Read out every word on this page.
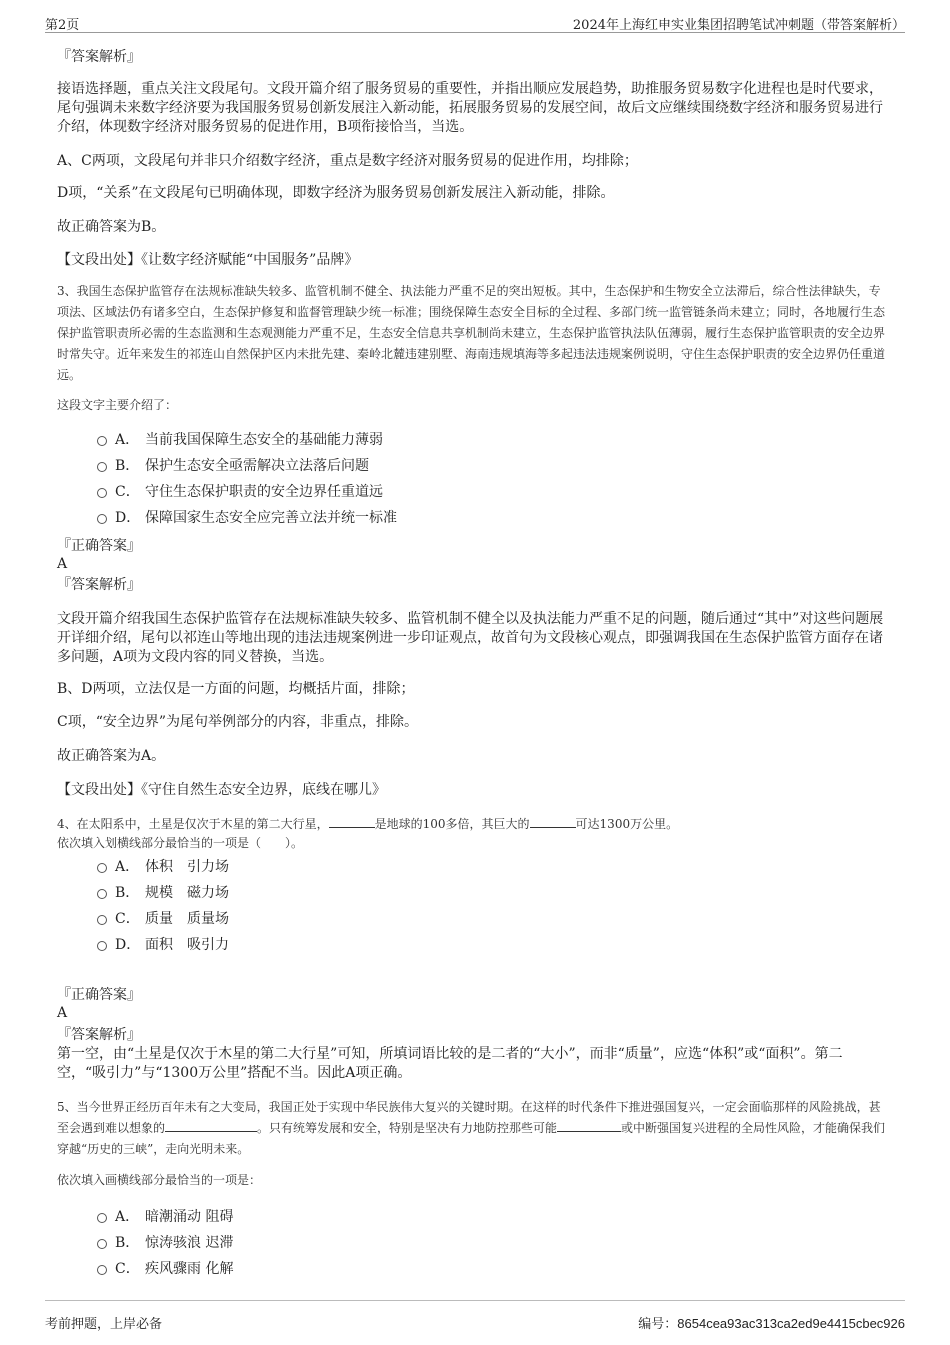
第2页	2024年上海红申实业集团招聘笔试冲刺题（带答案解析）
『答案解析』
接语选择题，重点关注文段尾句。文段开篇介绍了服务贸易的重要性，并指出顺应发展趋势，助推服务贸易数字化进程也是时代要求，尾句强调未来数字经济要为我国服务贸易创新发展注入新动能，拓展服务贸易的发展空间，故后文应继续围绕数字经济和服务贸易进行介绍，体现数字经济对服务贸易的促进作用，B项衔接恰当，当选。
A、C两项，文段尾句并非只介绍数字经济，重点是数字经济对服务贸易的促进作用，均排除；
D项，“关系”在文段尾句已明确体现，即数字经济为服务贸易创新发展注入新动能，排除。
故正确答案为B。
【文段出处】《让数字经济赋能“中国服务”品牌》
3、我国生态保护监管存在法规标准缺失较多、监管机制不健全、执法能力严重不足的突出短板。其中，生态保护和生物安全立法滞后，综合性法律缺失，专项法、区域法仍有诸多空白，生态保护修复和监督管理缺少统一标准；围绕保障生态安全目标的全过程、多部门统一监管链条尚未建立；同时，各地履行生态保护监管职责所必需的生态监测和生态观测能力严重不足，生态安全信息共享机制尚未建立，生态保护监管执法队伍薄弱，履行生态保护监管职责的安全边界时常失守。近年来发生的祁连山自然保护区内未批先建、秦岭北麓违建别墅、海南违规填海等多起违法违规案例说明，守住生态保护职责的安全边界仍任重道远。
这段文字主要介绍了：
A． 当前我国保障生态安全的基础能力薄弱
B． 保护生态安全亟需解决立法落后问题
C． 守住生态保护职责的安全边界任重道远
D． 保障国家生态安全应完善立法并统一标准
『正确答案』
A
『答案解析』
文段开篇介绍我国生态保护监管存在法规标准缺失较多、监管机制不健全以及执法能力严重不足的问题，随后通过“其中”对这些问题展开详细介绍，尾句以祁连山等地出现的违法违规案例进一步印证观点，故首句为文段核心观点，即强调我国在生态保护监管方面存在诸多问题，A项为文段内容的同义替换，当选。
B、D两项，立法仅是一方面的问题，均概括片面，排除；
C项，“安全边界”为尾句举例部分的内容，非重点，排除。
故正确答案为A。
【文段出处】《守住自然生态安全边界，底线在哪儿》
4、在太阳系中，土星是仅次于木星的第二大行星，	是地球的100多倍，其巨大的	可达1300万公里。
依次填入划横线部分最恰当的一项是（　　）。
A． 体积　引力场
B． 规模　磁力场
C． 质量　质量场
D． 面积　吸引力
『正确答案』
A
『答案解析』
第一空，由“土星是仅次于木星的第二大行星”可知，所填词语比较的是二者的“大小”，而非“质量”，应选“体积”或“面积”。第二空，“吸引力”与“1300万公里”搭配不当。因此A项正确。
5、当今世界正经历百年未有之大变局，我国正处于实现中华民族伟大复兴的关键时期。在这样的时代条件下推进强国复兴，一定会面临那样的风险挑战，甚至会遇到难以想象的	。只有统筹发展和安全，特别是坚决有力地防控那些可能	或中断强国复兴进程的全局性风险，才能确保我们穿越“历史的三峡”，走向光明未来。
依次填入画横线部分最恰当的一项是：
A． 暗潮涌动 阻碍
B． 惊涛骇浪 迟滞
C． 疾风骤雨 化解
考前押题，上岸必备	编号：8654cea93ac313ca2ed9e4415cbec926
